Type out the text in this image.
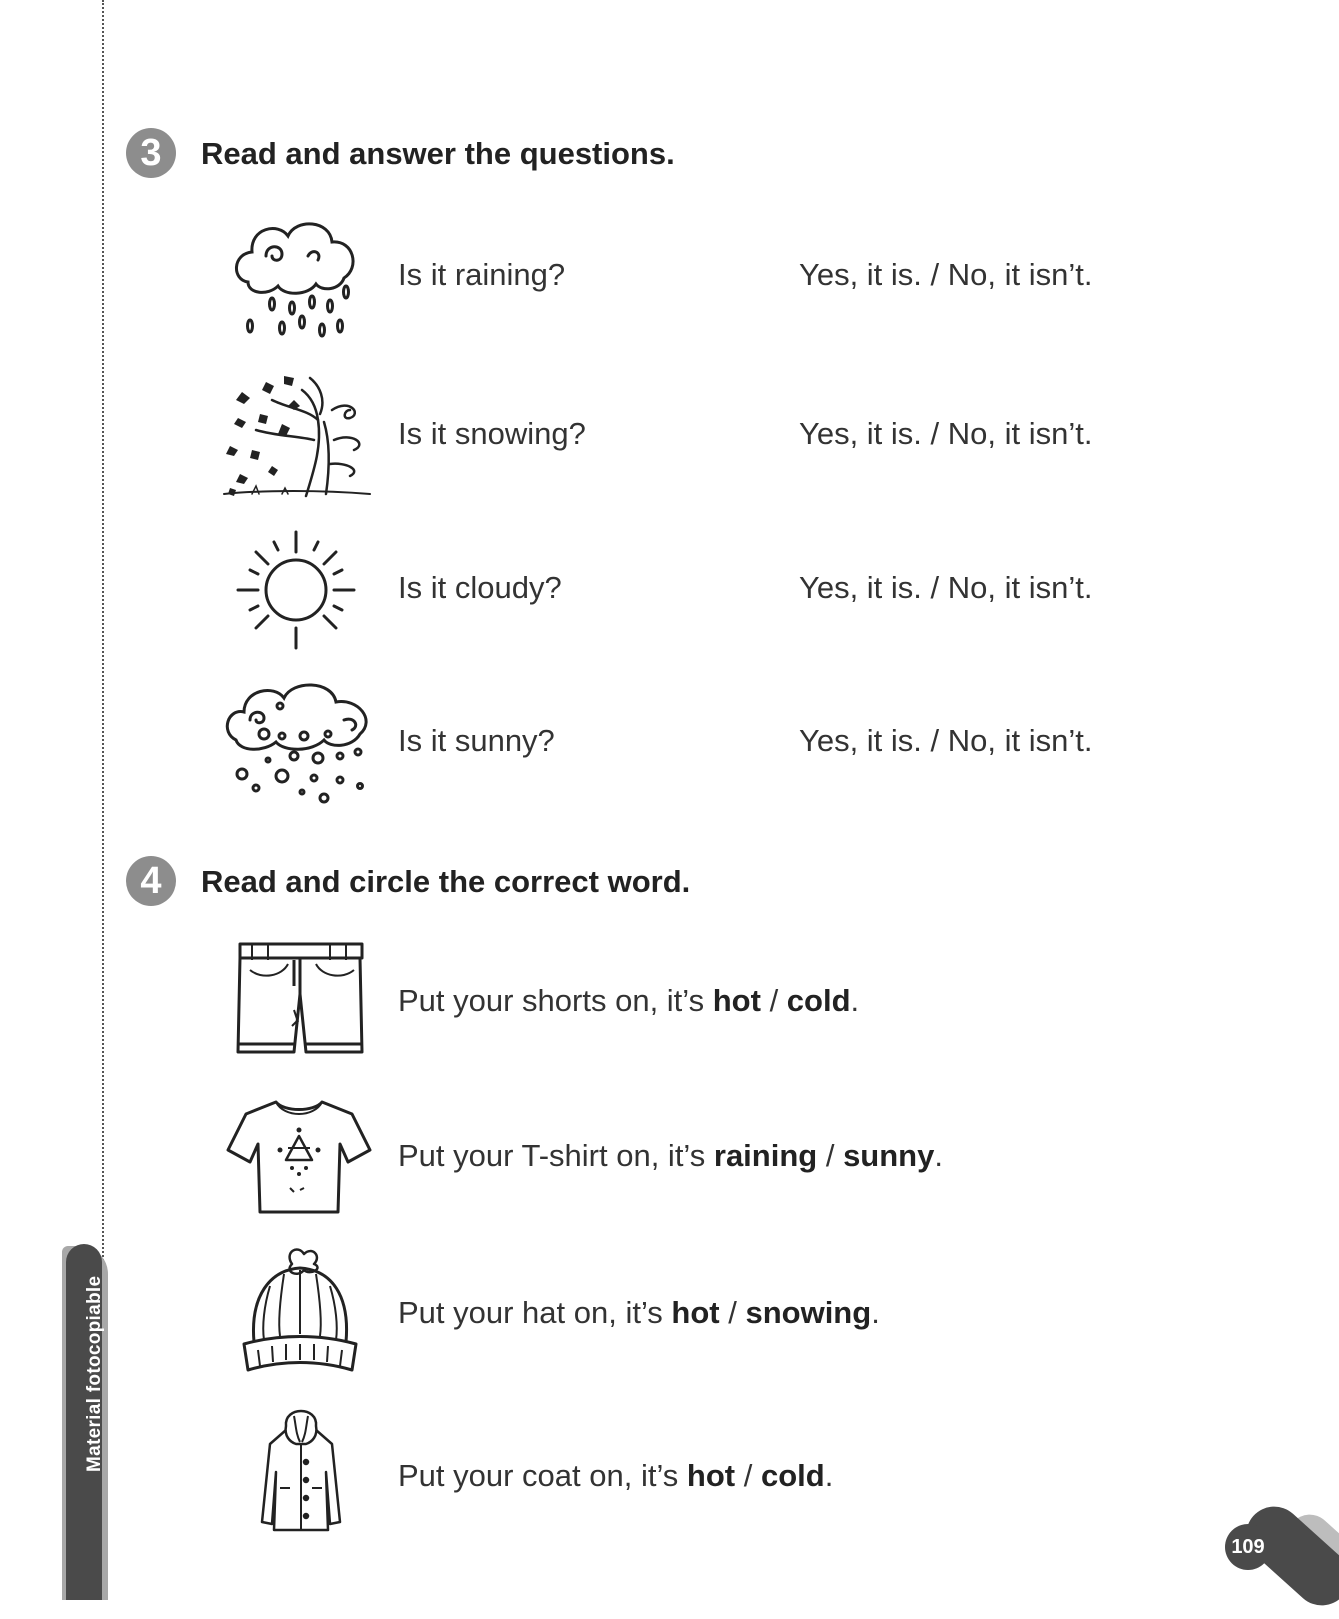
Material fotocopiable
3	Read and answer the questions.
Is it raining?	Yes, it is. / No, it isn’t.
Is it snowing?	Yes, it is. / No, it isn’t.
Is it cloudy?	Yes, it is. / No, it isn’t.
Is it sunny?	Yes, it is. / No, it isn’t.
4	Read and circle the correct word.
Put your shorts on, it’s hot / cold.
Put your T-shirt on, it’s raining / sunny.
Put your hat on, it’s hot / snowing.
Put your coat on, it’s hot / cold.
109
